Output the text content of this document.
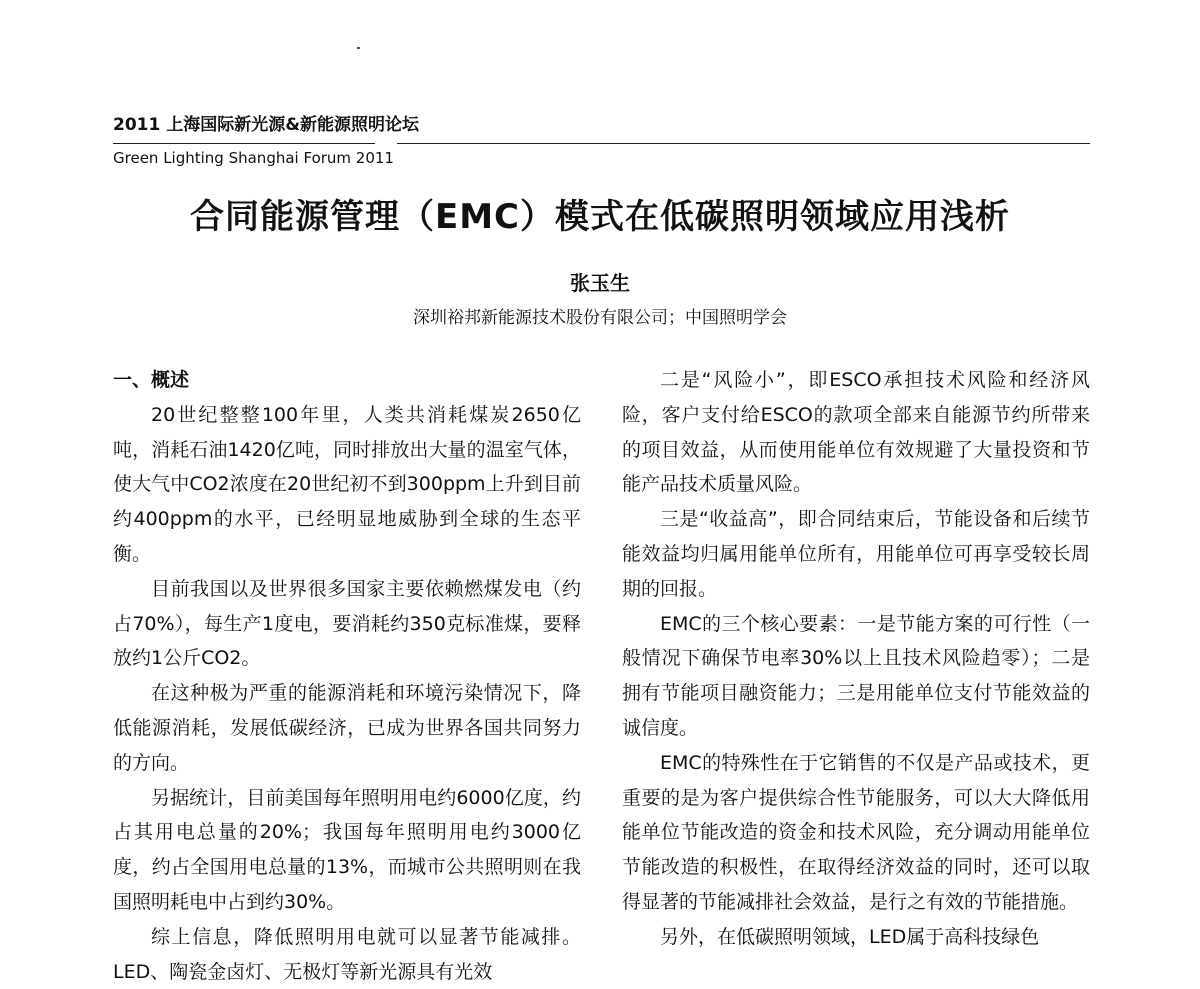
2011 上海国际新光源&新能源照明论坛
Green Lighting Shanghai Forum 2011
合同能源管理（EMC）模式在低碳照明领域应用浅析
张玉生
深圳裕邦新能源技术股份有限公司；中国照明学会

一、概述

20世纪整整100年里，人类共消耗煤炭2650亿吨，消耗石油1420亿吨，同时排放出大量的温室气体，使大气中CO2浓度在20世纪初不到300ppm上升到目前约400ppm的水平，已经明显地威胁到全球的生态平衡。

目前我国以及世界很多国家主要依赖燃煤发电（约占70%），每生产1度电，要消耗约350克标准煤，要释放约1公斤CO2。

在这种极为严重的能源消耗和环境污染情况下，降低能源消耗，发展低碳经济，已成为世界各国共同努力的方向。

另据统计，目前美国每年照明用电约6000亿度，约占其用电总量的20%；我国每年照明用电约3000亿度，约占全国用电总量的13%，而城市公共照明则在我国照明耗电中占到约30%。

综上信息，降低照明用电就可以显著节能减排。LED、陶瓷金卤灯、无极灯等新光源具有光效

二是“风险小”，即ESCO承担技术风险和经济风险，客户支付给ESCO的款项全部来自能源节约所带来的项目效益，从而使用能单位有效规避了大量投资和节能产品技术质量风险。

三是“收益高”，即合同结束后，节能设备和后续节能效益均归属用能单位所有，用能单位可再享受较长周期的回报。

EMC的三个核心要素：一是节能方案的可行性（一般情况下确保节电率30%以上且技术风险趋零）；二是拥有节能项目融资能力；三是用能单位支付节能效益的诚信度。

EMC的特殊性在于它销售的不仅是产品或技术，更重要的是为客户提供综合性节能服务，可以大大降低用能单位节能改造的资金和技术风险，充分调动用能单位节能改造的积极性，在取得经济效益的同时，还可以取得显著的节能减排社会效益，是行之有效的节能措施。

另外，在低碳照明领域，LED属于高科技绿色
